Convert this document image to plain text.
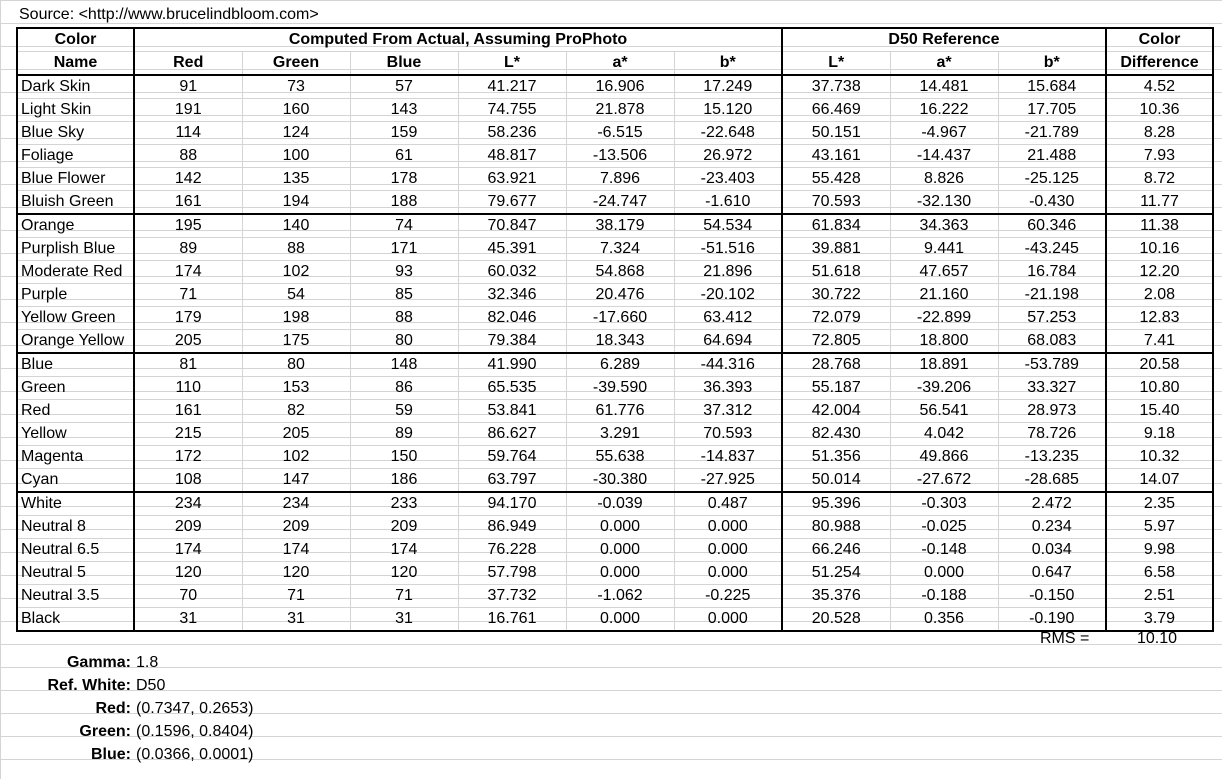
Source: <http://www.brucelindbloom.com>
Color	Computed From Actual, Assuming ProPhoto						D50 Reference			Color
Name	Red	Green	Blue	L*	a*	b*	L*	a*	b*	Difference
Dark Skin	91	73	57	41.217	16.906	17.249	37.738	14.481	15.684	4.52
Light Skin	191	160	143	74.755	21.878	15.120	66.469	16.222	17.705	10.36
Blue Sky	114	124	159	58.236	-6.515	-22.648	50.151	-4.967	-21.789	8.28
Foliage	88	100	61	48.817	-13.506	26.972	43.161	-14.437	21.488	7.93
Blue Flower	142	135	178	63.921	7.896	-23.403	55.428	8.826	-25.125	8.72
Bluish Green	161	194	188	79.677	-24.747	-1.610	70.593	-32.130	-0.430	11.77
Orange	195	140	74	70.847	38.179	54.534	61.834	34.363	60.346	11.38
Purplish Blue	89	88	171	45.391	7.324	-51.516	39.881	9.441	-43.245	10.16
Moderate Red	174	102	93	60.032	54.868	21.896	51.618	47.657	16.784	12.20
Purple	71	54	85	32.346	20.476	-20.102	30.722	21.160	-21.198	2.08
Yellow Green	179	198	88	82.046	-17.660	63.412	72.079	-22.899	57.253	12.83
Orange Yellow	205	175	80	79.384	18.343	64.694	72.805	18.800	68.083	7.41
Blue	81	80	148	41.990	6.289	-44.316	28.768	18.891	-53.789	20.58
Green	110	153	86	65.535	-39.590	36.393	55.187	-39.206	33.327	10.80
Red	161	82	59	53.841	61.776	37.312	42.004	56.541	28.973	15.40
Yellow	215	205	89	86.627	3.291	70.593	82.430	4.042	78.726	9.18
Magenta	172	102	150	59.764	55.638	-14.837	51.356	49.866	-13.235	10.32
Cyan	108	147	186	63.797	-30.380	-27.925	50.014	-27.672	-28.685	14.07
White	234	234	233	94.170	-0.039	0.487	95.396	-0.303	2.472	2.35
Neutral 8	209	209	209	86.949	0.000	0.000	80.988	-0.025	0.234	5.97
Neutral 6.5	174	174	174	76.228	0.000	0.000	66.246	-0.148	0.034	9.98
Neutral 5	120	120	120	57.798	0.000	0.000	51.254	0.000	0.647	6.58
Neutral 3.5	70	71	71	37.732	-1.062	-0.225	35.376	-0.188	-0.150	2.51
Black	31	31	31	16.761	0.000	0.000	20.528	0.356	-0.190	3.79
RMS =	10.10
Gamma: 1.8
Ref. White: D50
Red: (0.7347, 0.2653)
Green: (0.1596, 0.8404)
Blue: (0.0366, 0.0001)
